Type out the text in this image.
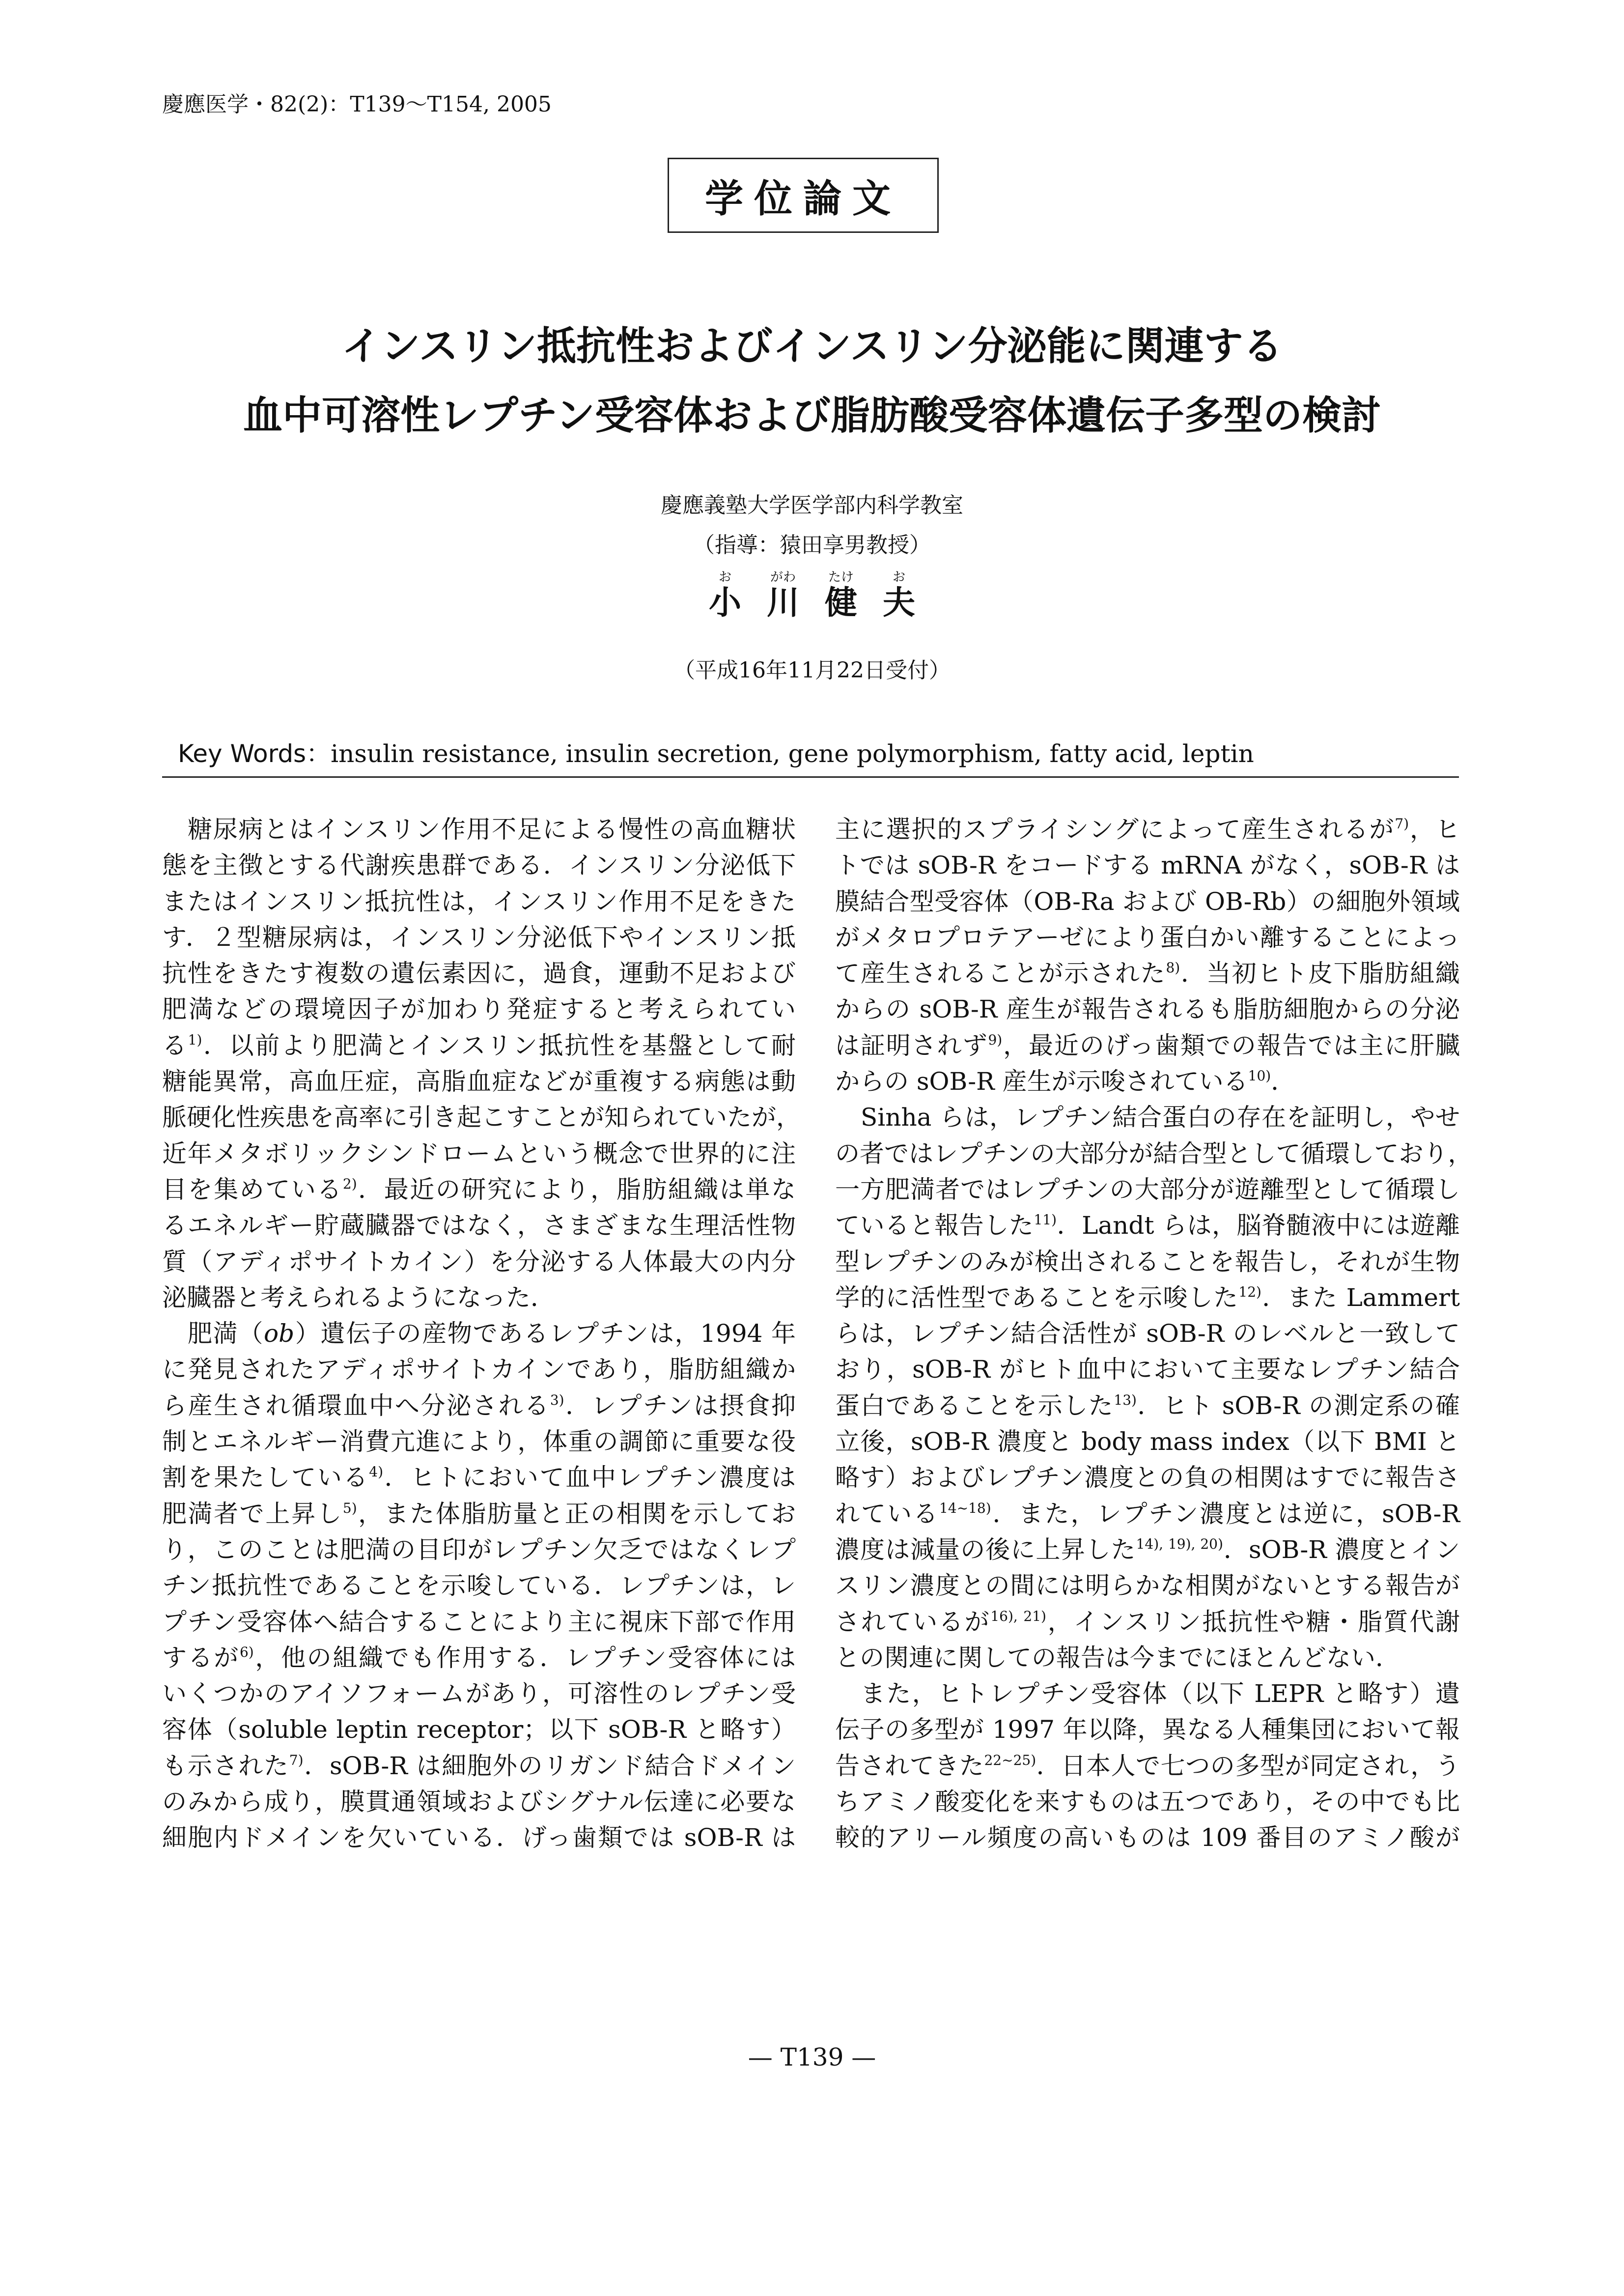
慶應医学・82(2)：T139〜T154, 2005
学位論文
インスリン抵抗性およびインスリン分泌能に関連する
血中可溶性レプチン受容体および脂肪酸受容体遺伝子多型の検討
慶應義塾大学医学部内科学教室
（指導：猿田享男教授）
お
小
がわ
川
たけ
健
お
夫
（平成16年11月22日受付）
Key Words：insulin resistance, insulin secretion, gene polymorphism, fatty acid, leptin
糖尿病とはインスリン作用不足による慢性の高血糖状
態を主徴とする代謝疾患群である．インスリン分泌低下
またはインスリン抵抗性は，インスリン作用不足をきた
す．２型糖尿病は，インスリン分泌低下やインスリン抵
抗性をきたす複数の遺伝素因に，過食，運動不足および
肥満などの環境因子が加わり発症すると考えられてい
る$^{1)}$．以前より肥満とインスリン抵抗性を基盤として耐
糖能異常，高血圧症，高脂血症などが重複する病態は動
脈硬化性疾患を高率に引き起こすことが知られていたが，
近年メタボリックシンドロームという概念で世界的に注
目を集めている$^{2)}$．最近の研究により，脂肪組織は単な
るエネルギー貯蔵臓器ではなく，さまざまな生理活性物
質（アディポサイトカイン）を分泌する人体最大の内分
泌臓器と考えられるようになった．
肥満（ob）遺伝子の産物であるレプチンは，1994 年
に発見されたアディポサイトカインであり，脂肪組織か
ら産生され循環血中へ分泌される$^{3)}$．レプチンは摂食抑
制とエネルギー消費亢進により，体重の調節に重要な役
割を果たしている$^{4)}$．ヒトにおいて血中レプチン濃度は
肥満者で上昇し$^{5)}$，また体脂肪量と正の相関を示してお
り，このことは肥満の目印がレプチン欠乏ではなくレプ
チン抵抗性であることを示唆している．レプチンは，レ
プチン受容体へ結合することにより主に視床下部で作用
するが$^{6)}$，他の組織でも作用する．レプチン受容体には
いくつかのアイソフォームがあり，可溶性のレプチン受
容体（soluble leptin receptor；以下 sOB-R と略す）
も示された$^{7)}$．sOB-R は細胞外のリガンド結合ドメイン
のみから成り，膜貫通領域およびシグナル伝達に必要な
細胞内ドメインを欠いている．げっ歯類では sOB-R は
主に選択的スプライシングによって産生されるが$^{7)}$，ヒ
トでは sOB-R をコードする mRNA がなく，sOB-R は
膜結合型受容体（OB-Ra および OB-Rb）の細胞外領域
がメタロプロテアーゼにより蛋白かい離することによっ
て産生されることが示された$^{8)}$．当初ヒト皮下脂肪組織
からの sOB-R 産生が報告されるも脂肪細胞からの分泌
は証明されず$^{9)}$，最近のげっ歯類での報告では主に肝臓
からの sOB-R 産生が示唆されている$^{10)}$．
Sinha らは，レプチン結合蛋白の存在を証明し，やせ
の者ではレプチンの大部分が結合型として循環しており，
一方肥満者ではレプチンの大部分が遊離型として循環し
ていると報告した$^{11)}$．Landt らは，脳脊髄液中には遊離
型レプチンのみが検出されることを報告し，それが生物
学的に活性型であることを示唆した$^{12)}$．また Lammert
らは，レプチン結合活性が sOB-R のレベルと一致して
おり，sOB-R がヒト血中において主要なレプチン結合
蛋白であることを示した$^{13)}$．ヒト sOB-R の測定系の確
立後，sOB-R 濃度と body mass index（以下 BMI と
略す）およびレプチン濃度との負の相関はすでに報告さ
れている$^{14\sim 18)}$．また，レプチン濃度とは逆に，sOB-R
濃度は減量の後に上昇した$^{14), 19), 20)}$．sOB-R 濃度とイン
スリン濃度との間には明らかな相関がないとする報告が
されているが$^{16), 21)}$，インスリン抵抗性や糖・脂質代謝
との関連に関しての報告は今までにほとんどない．
また，ヒトレプチン受容体（以下 LEPR と略す）遺
伝子の多型が 1997 年以降，異なる人種集団において報
告されてきた$^{22\sim 25)}$．日本人で七つの多型が同定され，う
ちアミノ酸変化を来すものは五つであり，その中でも比
較的アリール頻度の高いものは 109 番目のアミノ酸が
— T139 —
